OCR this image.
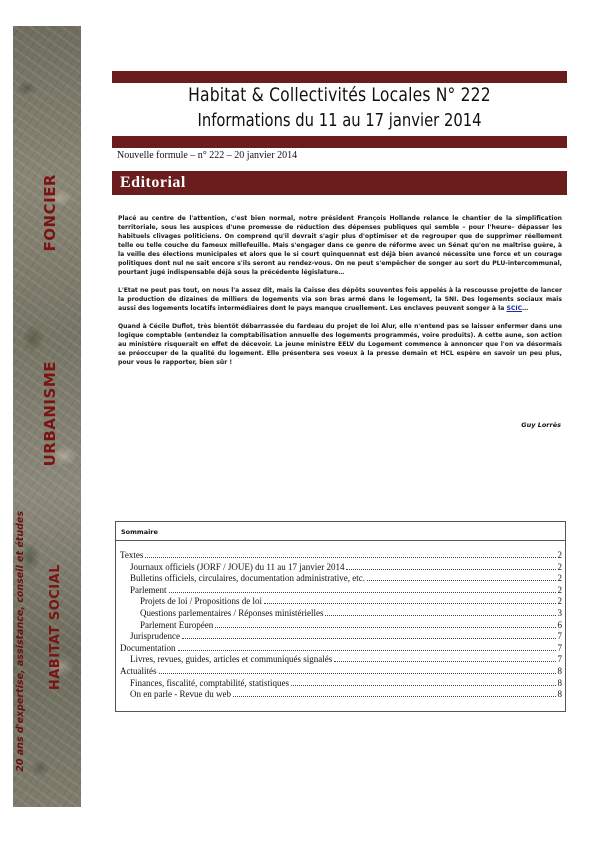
FONCIER
URBANISME
HABITAT SOCIAL
20 ans d'expertise, assistance, conseil et études
Habitat & Collectivités Locales N° 222
Informations du 11 au 17 janvier 2014
Nouvelle formule – n° 222 – 20 janvier 2014
Editorial

Placé au centre de l'attention, c'est bien normal, notre président François Hollande relance le chantier de la simplification territoriale, sous les auspices d'une promesse de réduction des dépenses publiques qui semble – pour l'heure– dépasser les habituels clivages politiciens. On comprend qu'il devrait s'agir plus d'optimiser et de regrouper que de supprimer réellement telle ou telle couche du fameux millefeuille. Mais s'engager dans ce genre de réforme avec un Sénat qu'on ne maîtrise guère, à la veille des élections municipales et alors que le si court quinquennat est déjà bien avancé nécessite une force et un courage politiques dont nul ne sait encore s'ils seront au rendez-vous. On ne peut s'empêcher de songer au sort du PLU-intercommunal, pourtant jugé indispensable déjà sous la précédente législature…

L'Etat ne peut pas tout, on nous l'a assez dit, mais la Caisse des dépôts souventes fois appelés à la rescousse projette de lancer la production de dizaines de milliers de logements via son bras armé dans le logement, la SNI. Des logements sociaux mais aussi des logements locatifs intermédiaires dont le pays manque cruellement. Les enclaves peuvent songer à la SCIC…

Quand à Cécile Duflot, très bientôt débarrassée du fardeau du projet de loi Alur, elle n'entend pas se laisser enfermer dans une logique comptable (entendez la comptabilisation annuelle des logements programmés, voire produits). A cette aune, son action au ministère risquerait en effet de décevoir. La jeune ministre EELV du Logement commence à annoncer que l'on va désormais se préoccuper de la qualité du logement. Elle présentera ses voeux à la presse demain et HCL espère en savoir un peu plus, pour vous le rapporter, bien sûr !

Guy Lorrès
Sommaire
Textes	2
Journaux officiels (JORF / JOUE) du 11 au 17 janvier 2014	2
Bulletins officiels, circulaires, documentation administrative, etc.	2
Parlement	2
Projets de loi / Propositions de loi	2
Questions parlementaires / Réponses ministérielles	3
Parlement Européen	6
Jurisprudence	7
Documentation	7
Livres, revues, guides, articles et communiqués signalés	7
Actualités	8
Finances, fiscalité, comptabilité, statistiques	8
On en parle - Revue du web	8
